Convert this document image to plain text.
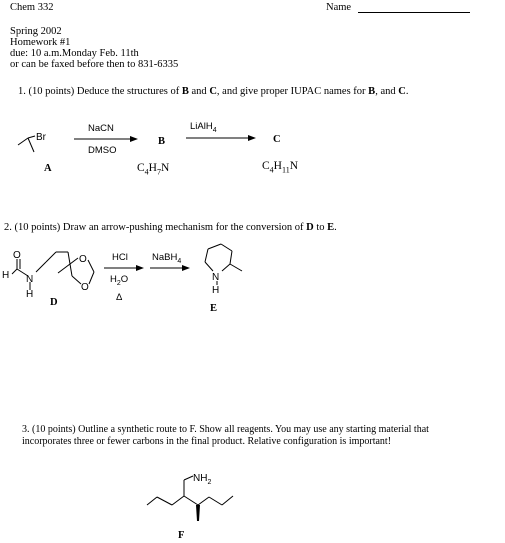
Chem 332	Name
Spring 2002
Homework #1
due: 10 a.m.Monday Feb. 11th
or can be faxed before then to 831-6335
1. (10 points) Deduce the structures of B and C, and give proper IUPAC names for B, and C.
Br
H
O
N
H
O
O
N
H
$NH_2$
NaCN
DMSO
LiAlH$_4$
A
B	C
$C_4H_7N$	$C_4H_{11}N$
2. (10 points) Draw an arrow-pushing mechanism for the conversion of D to E.
HCl
$H_2O$
Δ
NaBH$_4$
D
E
3. (10 points) Outline a synthetic route to F. Show all reagents. You may use any starting material that
incorporates three or fewer carbons in the final product. Relative configuration is important!
F
